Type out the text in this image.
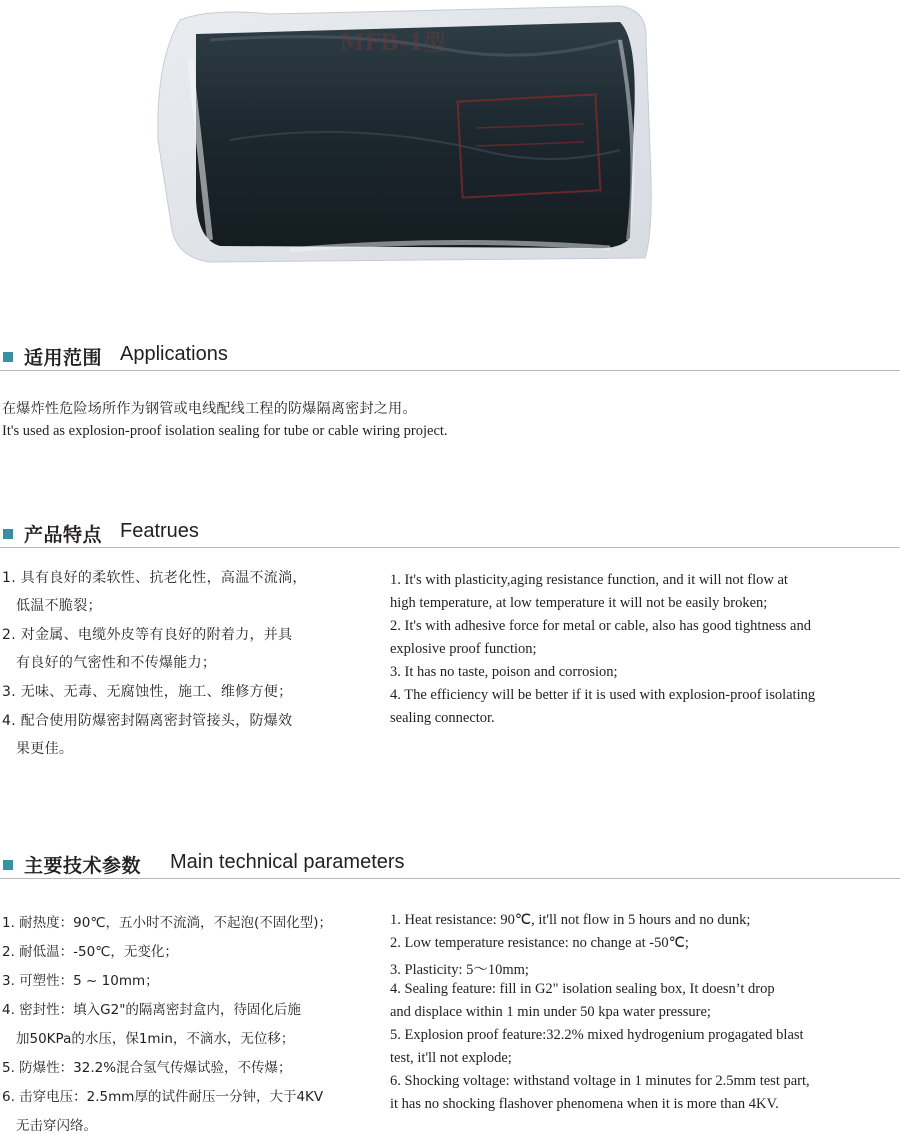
MFB-1型
适用范围 Applications
在爆炸性危险场所作为钢管或电线配线工程的防爆隔离密封之用。
It's used as explosion-proof isolation sealing for tube or cable wiring project.
产品特点 Featrues
1. 具有良好的柔软性、抗老化性，高温不流淌，
低温不脆裂；
2. 对金属、电缆外皮等有良好的附着力，并具
有良好的气密性和不传爆能力；
3. 无味、无毒、无腐蚀性，施工、维修方便；
4. 配合使用防爆密封隔离密封管接头，防爆效
果更佳。
1. It's with plasticity,aging resistance function, and it will not flow at
high temperature, at low temperature it will not be easily broken;
2. It's with adhesive force for metal or cable, also has good tightness and
explosive proof function;
3. It has no taste, poison and corrosion;
4. The efficiency will be better if it is used with explosion-proof isolating
sealing connector.
主要技术参数 Main technical parameters
1. 耐热度：90℃，五小时不流淌，不起泡(不固化型)；
2. 耐低温：-50℃，无变化；
3. 可塑性：5 ~ 10mm；
4. 密封性：填入G2"的隔离密封盒内，待固化后施
加50KPa的水压，保1min，不滴水，无位移；
5. 防爆性：32.2%混合氢气传爆试验，不传爆；
6. 击穿电压：2.5mm厚的试件耐压一分钟，大于4KV
无击穿闪络。
1. Heat resistance: 90℃, it'll not flow in 5 hours and no dunk;
2. Low temperature resistance: no change at -50℃;
3. Plasticity: 5～10mm;
4. Sealing feature: fill in G2" isolation sealing box, It doesn’t drop
and displace within 1 min under 50 kpa water pressure;
5. Explosion proof feature:32.2% mixed hydrogenium progagated blast
test, it'll not explode;
6. Shocking voltage: withstand voltage in 1 minutes for 2.5mm test part,
it has no shocking flashover phenomena when it is more than 4KV.
